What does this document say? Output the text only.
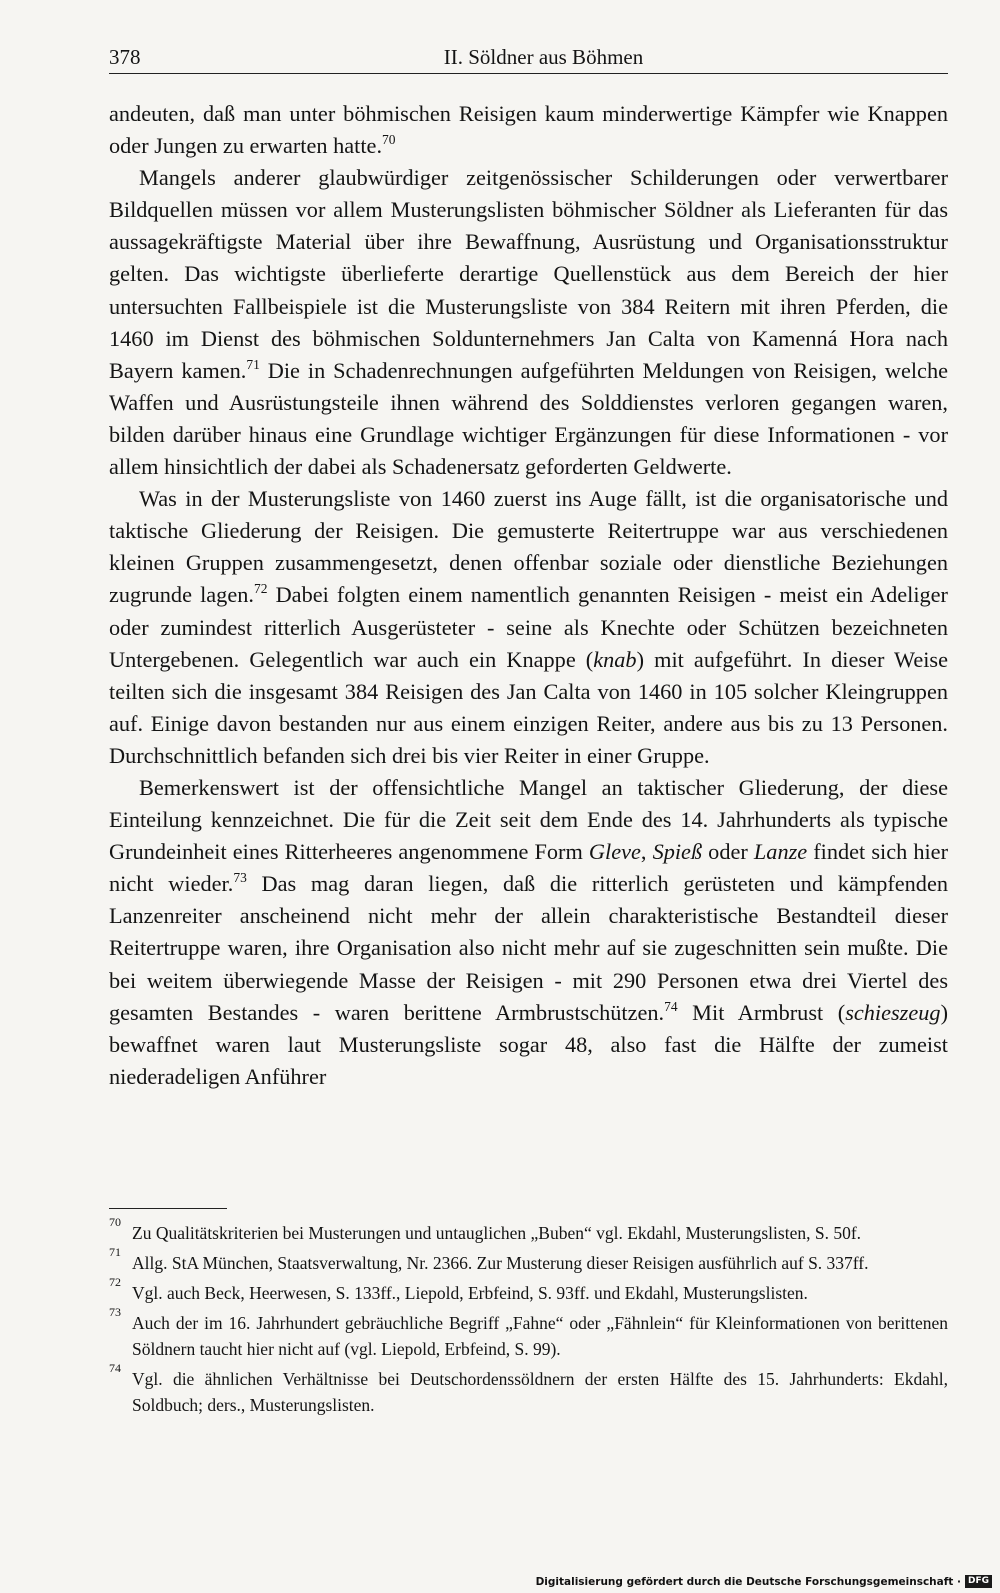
378	II. Söldner aus Böhmen

andeuten, daß man unter böhmischen Reisigen kaum minderwertige Kämpfer wie Knappen oder Jungen zu erwarten hatte.$^{70}$

Mangels anderer glaubwürdiger zeitgenössischer Schilderungen oder verwertbarer Bildquellen müssen vor allem Musterungslisten böhmischer Söldner als Lieferanten für das aussagekräftigste Material über ihre Bewaffnung, Ausrüstung und Organisationsstruktur gelten. Das wichtigste überlieferte derartige Quellenstück aus dem Bereich der hier untersuchten Fallbeispiele ist die Musterungsliste von 384 Reitern mit ihren Pferden, die 1460 im Dienst des böhmischen Soldunternehmers Jan Calta von Kamenná Hora nach Bayern kamen.$^{71}$ Die in Schadenrechnungen aufgeführten Meldungen von Reisigen, welche Waffen und Ausrüstungsteile ihnen während des Solddienstes verloren gegangen waren, bilden darüber hinaus eine Grundlage wichtiger Ergänzungen für diese Informationen - vor allem hinsichtlich der dabei als Schadenersatz geforderten Geldwerte.

Was in der Musterungsliste von 1460 zuerst ins Auge fällt, ist die organisatorische und taktische Gliederung der Reisigen. Die gemusterte Reitertruppe war aus verschiedenen kleinen Gruppen zusammengesetzt, denen offenbar soziale oder dienstliche Beziehungen zugrunde lagen.$^{72}$ Dabei folgten einem namentlich genannten Reisigen - meist ein Adeliger oder zumindest ritterlich Ausgerüsteter - seine als Knechte oder Schützen bezeichneten Untergebenen. Gelegentlich war auch ein Knappe (knab) mit aufgeführt. In dieser Weise teilten sich die insgesamt 384 Reisigen des Jan Calta von 1460 in 105 solcher Kleingruppen auf. Einige davon bestanden nur aus einem einzigen Reiter, andere aus bis zu 13 Personen. Durchschnittlich befanden sich drei bis vier Reiter in einer Gruppe.

Bemerkenswert ist der offensichtliche Mangel an taktischer Gliederung, der diese Einteilung kennzeichnet. Die für die Zeit seit dem Ende des 14. Jahrhunderts als typische Grundeinheit eines Ritterheeres angenommene Form Gleve, Spieß oder Lanze findet sich hier nicht wieder.$^{73}$ Das mag daran liegen, daß die ritterlich gerüsteten und kämpfenden Lanzenreiter anscheinend nicht mehr der allein charakteristische Bestandteil dieser Reitertruppe waren, ihre Organisation also nicht mehr auf sie zugeschnitten sein mußte. Die bei weitem überwiegende Masse der Reisigen - mit 290 Personen etwa drei Viertel des gesamten Bestandes - waren berittene Armbrustschützen.$^{74}$ Mit Armbrust (schieszeug) bewaffnet waren laut Musterungsliste sogar 48, also fast die Hälfte der zumeist niederadeligen Anführer

70
Zu Qualitätskriterien bei Musterungen und untauglichen „Buben“ vgl. Ekdahl, Musterungslisten, S. 50f.
71
Allg. StA München, Staatsverwaltung, Nr. 2366. Zur Musterung dieser Reisigen ausführlich auf S. 337ff.
72
Vgl. auch Beck, Heerwesen, S. 133ff., Liepold, Erbfeind, S. 93ff. und Ekdahl, Musterungslisten.
73
Auch der im 16. Jahrhundert gebräuchliche Begriff „Fahne“ oder „Fähnlein“ für Kleinformationen von berittenen Söldnern taucht hier nicht auf (vgl. Liepold, Erbfeind, S. 99).
74
Vgl. die ähnlichen Verhältnisse bei Deutschordenssöldnern der ersten Hälfte des 15. Jahrhunderts: Ekdahl, Soldbuch; ders., Musterungslisten.
Digitalisierung gefördert durch die Deutsche Forschungsgemeinschaft · DFG
